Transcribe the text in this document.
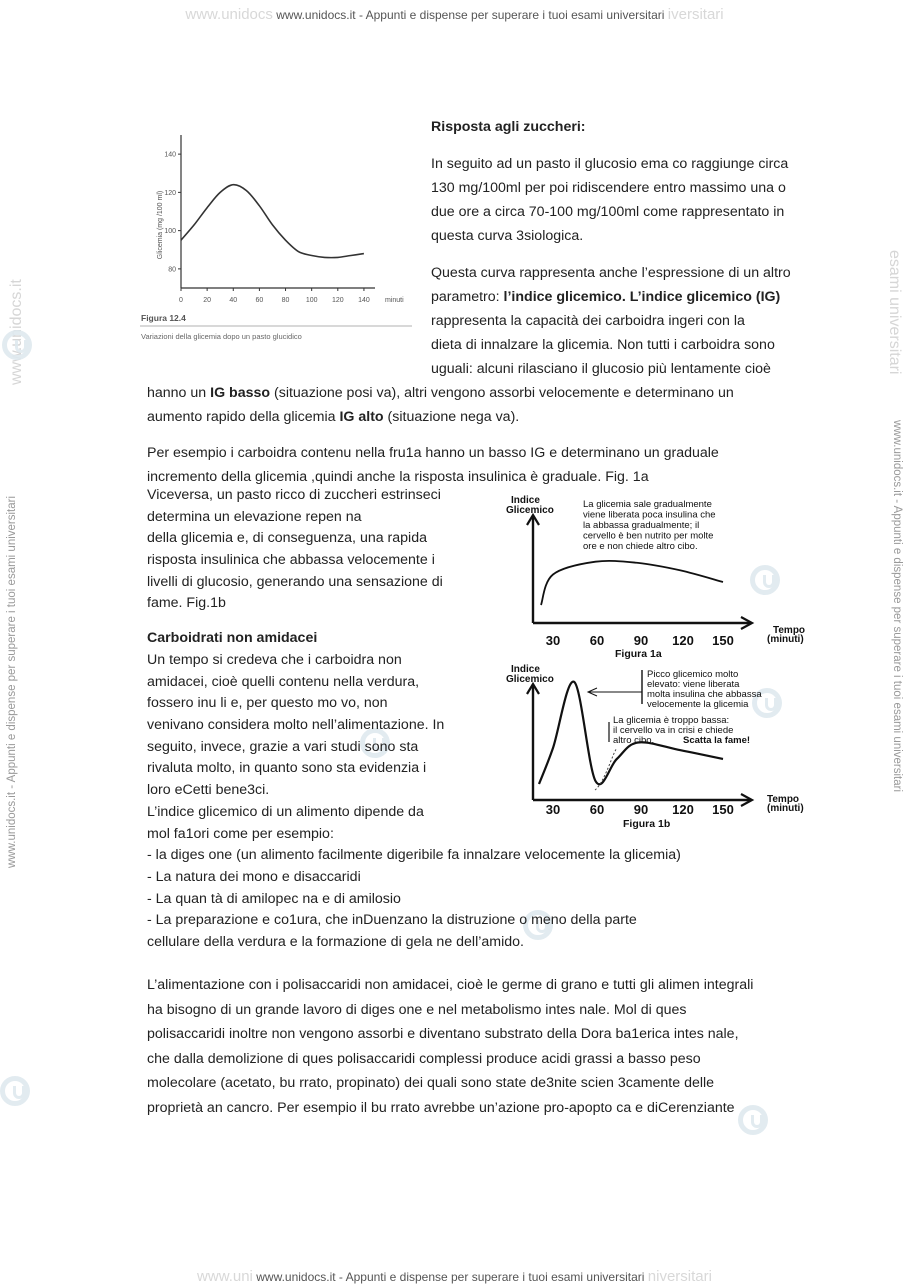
www.unidocs www.unidocs.it - Appunti e dispense per superare i tuoi esami universitari iversitari
www.uni www.unidocs.it - Appunti e dispense per superare i tuoi esami universitari niversitari
www.unidocs.it - Appunti e dispense per superare i tuoi esami universitari
www.unidocs.it
www.unidocs.it - Appunti e dispense per superare i tuoi esami universitari
esami universitari
Glicemia (mg /100 ml)
140
120
100
80
0	20	40	60	80 100 120 140 minuti
Figura 12.4
Variazioni della glicemia dopo un pasto glucidico
Indice
Glicemico
La glicemia sale gradualmente
viene liberata poca insulina che
la abbassa gradualmente; il
cervello è ben nutrito per molte
ore e non chiede altro cibo.
30 60 90 120 150
Tempo
(minuti)
Figura 1a
Indice
Glicemico	Picco glicemico molto
elevato: viene liberata
molta insulina che abbassa
velocemente la glicemia
La glicemia è troppo bassa:
il cervello va in crisi e chiede
altro cibo.	Scatta la fame!
30 60 90 120 150
Tempo
(minuti)
Figura 1b
Risposta agli zuccheri:
In seguito ad un pasto il glucosio ema co raggiunge circa
130 mg/100ml per poi ridiscendere entro massimo una o
due ore a circa 70-100 mg/100ml come rappresentato in
questa curva 3siologica.
Questa curva rappresenta anche l’espressione di un altro
parametro: l’indice glicemico. L’indice glicemico (IG)
rappresenta la capacità dei carboidra ingeri con la
dieta di innalzare la glicemia. Non tutti i carboidra sono
uguali: alcuni rilasciano il glucosio più lentamente cioè
hanno un IG basso (situazione posi va), altri vengono assorbi velocemente e determinano un
aumento rapido della glicemia IG alto (situazione nega va).
Per esempio i carboidra contenu nella fru1a hanno un basso IG e determinano un graduale
incremento della glicemia ,quindi anche la risposta insulinica è graduale. Fig. 1a
Viceversa, un pasto ricco di zuccheri estrinseci
determina un elevazione repen na
della glicemia e, di conseguenza, una rapida
risposta insulinica che abbassa velocemente i
livelli di glucosio, generando una sensazione di
fame. Fig.1b
Carboidrati non amidacei
Un tempo si credeva che i carboidra non
amidacei, cioè quelli contenu nella verdura,
fossero inu li e, per questo mo vo, non
venivano considera molto nell’alimentazione. In
seguito, invece, grazie a vari studi sono sta
rivaluta molto, in quanto sono sta evidenzia i
loro eCetti bene3ci.
L’indice glicemico di un alimento dipende da
mol fa1ori come per esempio:
- la diges one (un alimento facilmente digeribile fa innalzare velocemente la glicemia)
- La natura dei mono e disaccaridi
- La quan tà di amilopec na e di amilosio
- La preparazione e co1ura, che inDuenzano la distruzione o meno della parte
cellulare della verdura e la formazione di gela ne dell’amido.
L’alimentazione con i polisaccaridi non amidacei, cioè le germe di grano e tutti gli alimen integrali
ha bisogno di un grande lavoro di diges one e nel metabolismo intes nale. Mol di ques
polisaccaridi inoltre non vengono assorbi e diventano substrato della Dora ba1erica intes nale,
che dalla demolizione di ques polisaccaridi complessi produce acidi grassi a basso peso
molecolare (acetato, bu rrato, propinato) dei quali sono state de3nite scien 3camente delle
proprietà an cancro. Per esempio il bu rrato avrebbe un’azione pro-apopto ca e diCerenziante
